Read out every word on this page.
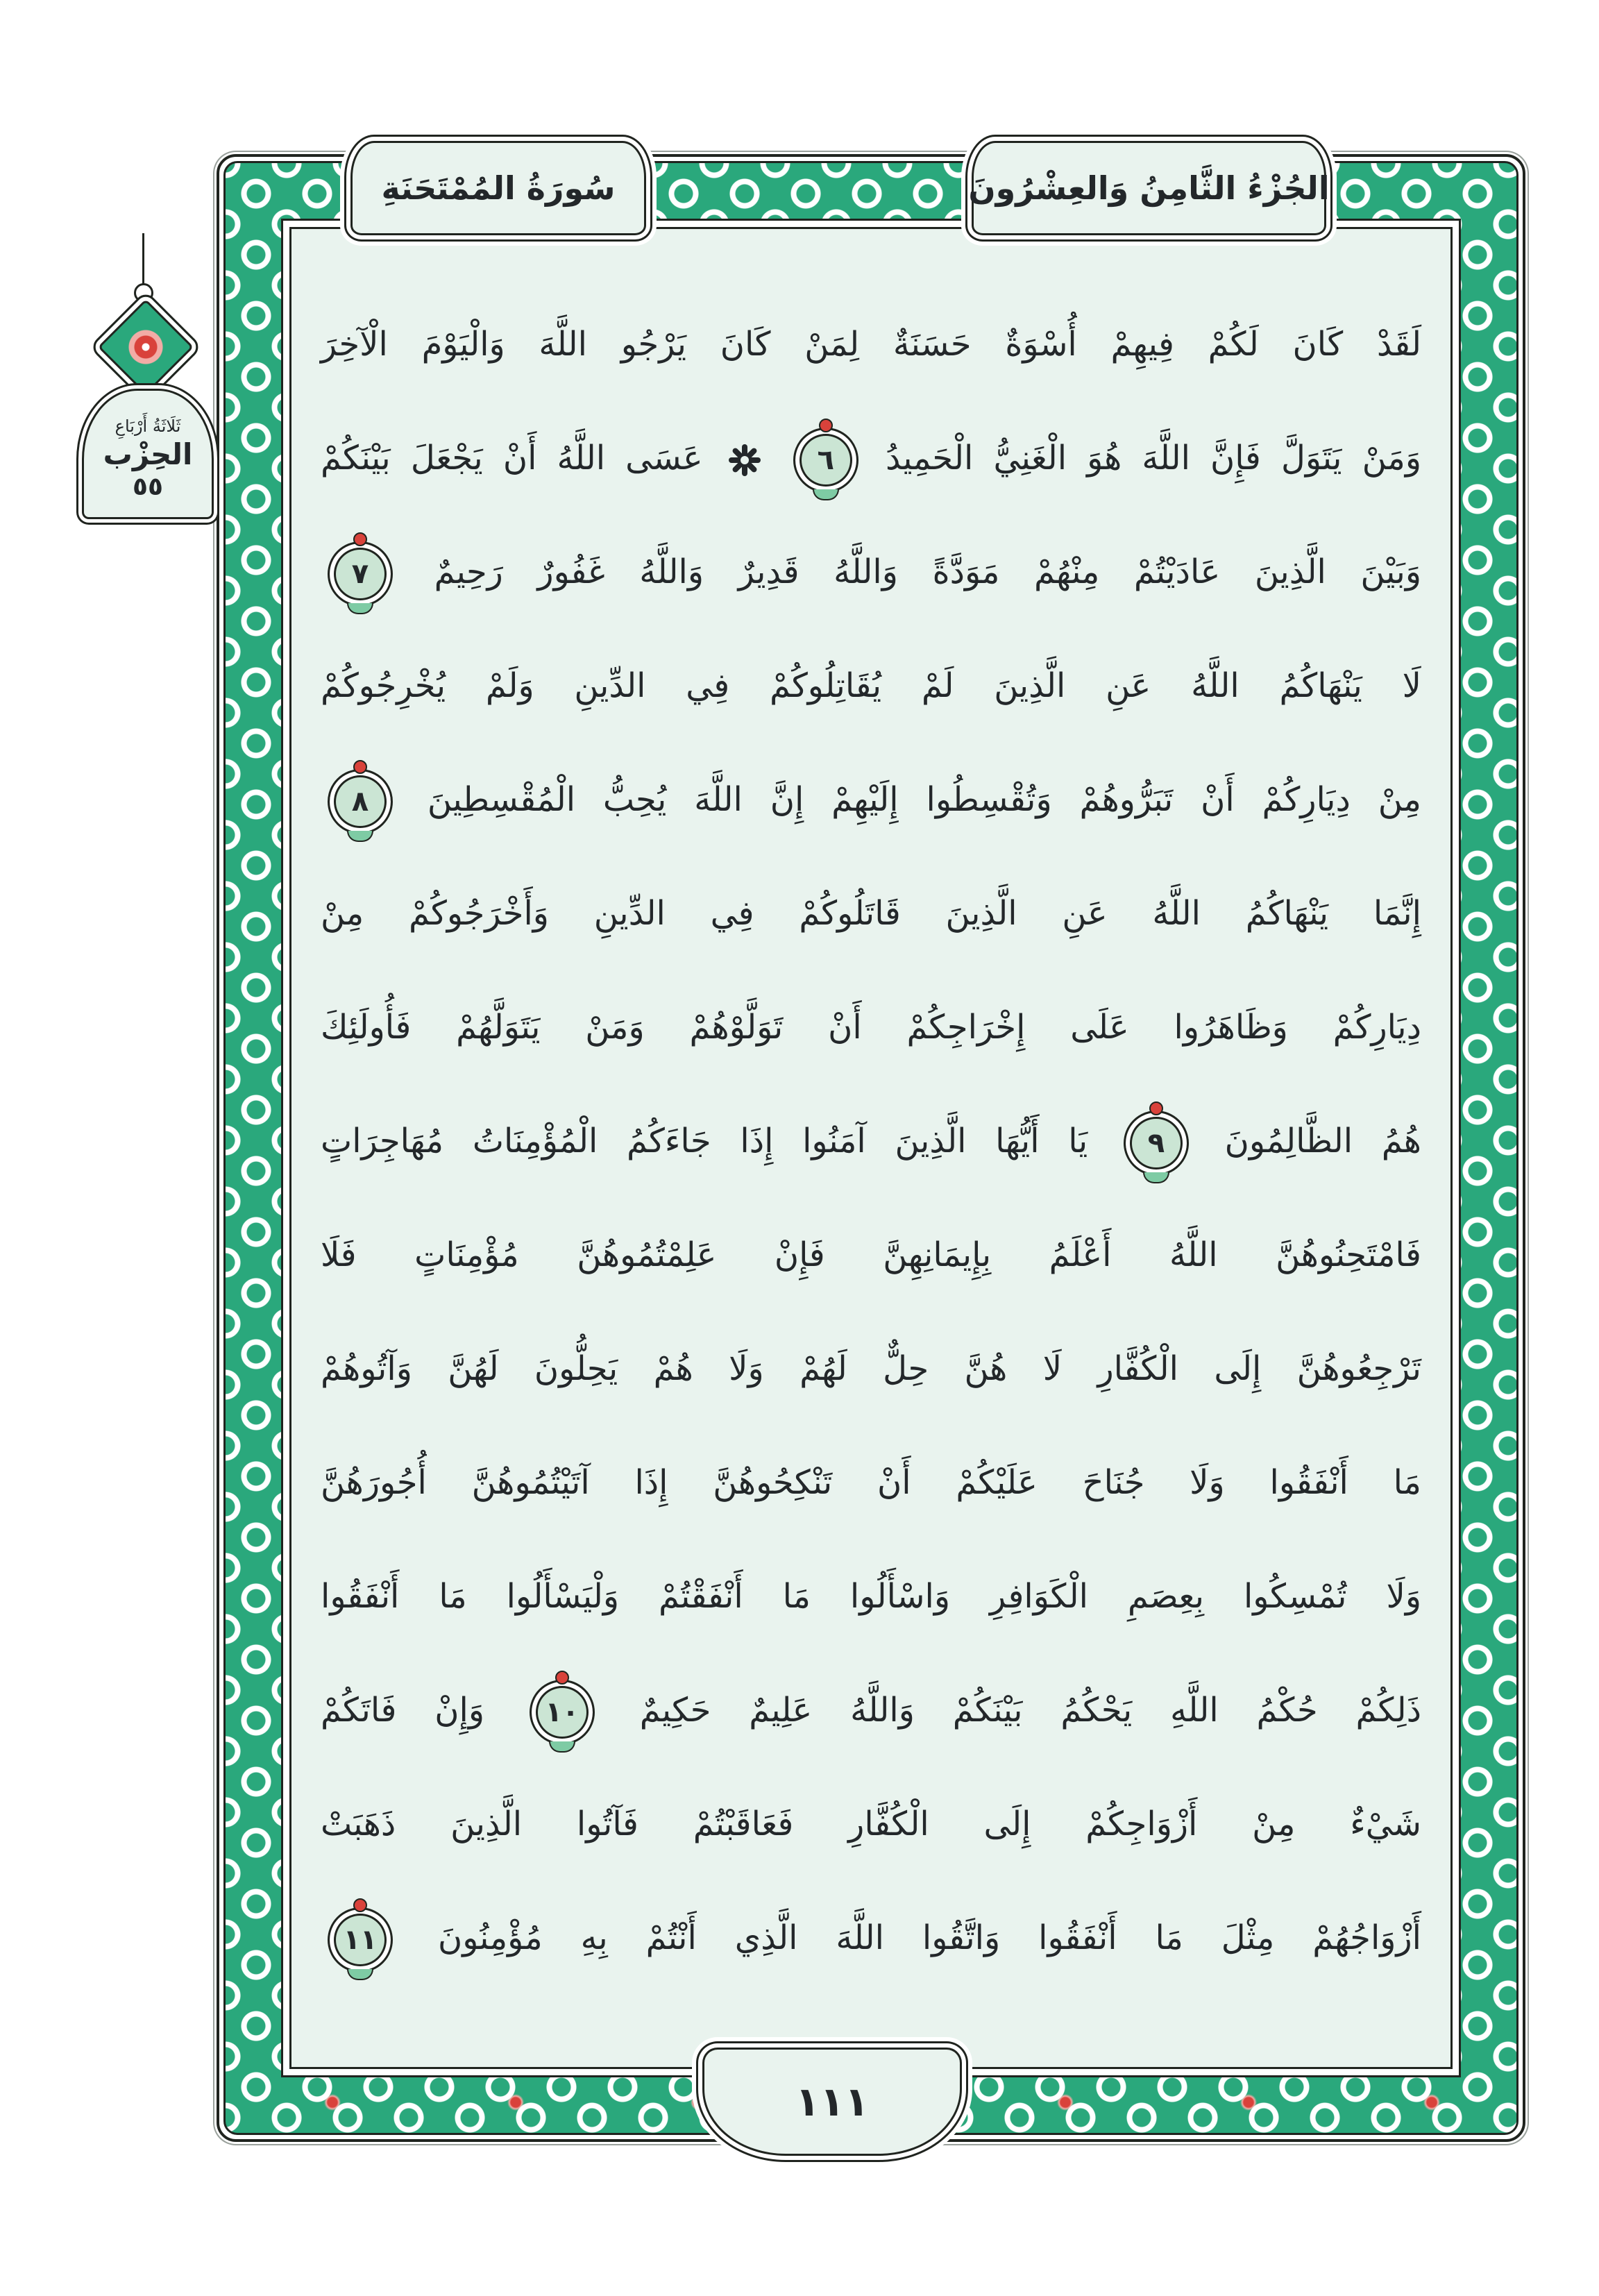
ثَلَاثَةُ أَرْبَاعِ
الحِزْب
٥٥
سُورَةُ المُمْتَحَنَةِ	الجُزْءُ الثَّامِنُ وَالعِشْرُونَ
لَقَدْ كَانَ لَكُمْ فِيهِمْ أُسْوَةٌ حَسَنَةٌ لِمَنْ كَانَ يَرْجُو اللَّهَ وَالْيَوْمَ الْآخِرَ
وَمَنْ يَتَوَلَّ فَإِنَّ اللَّهَ هُوَ الْغَنِيُّ الْحَمِيدُ
٦

عَسَى اللَّهُ أَنْ يَجْعَلَ بَيْنَكُمْ
وَبَيْنَ الَّذِينَ عَادَيْتُمْ مِنْهُمْ مَوَدَّةً وَاللَّهُ قَدِيرٌ وَاللَّهُ غَفُورٌ رَحِيمٌ
٧
لَا يَنْهَاكُمُ اللَّهُ عَنِ الَّذِينَ لَمْ يُقَاتِلُوكُمْ فِي الدِّينِ وَلَمْ يُخْرِجُوكُمْ
مِنْ دِيَارِكُمْ أَنْ تَبَرُّوهُمْ وَتُقْسِطُوا إِلَيْهِمْ إِنَّ اللَّهَ يُحِبُّ الْمُقْسِطِينَ
٨
إِنَّمَا يَنْهَاكُمُ اللَّهُ عَنِ الَّذِينَ قَاتَلُوكُمْ فِي الدِّينِ وَأَخْرَجُوكُمْ مِنْ
دِيَارِكُمْ وَظَاهَرُوا عَلَى إِخْرَاجِكُمْ أَنْ تَوَلَّوْهُمْ وَمَنْ يَتَوَلَّهُمْ فَأُولَئِكَ
هُمُ الظَّالِمُونَ
٩
يَا أَيُّهَا الَّذِينَ آمَنُوا إِذَا جَاءَكُمُ الْمُؤْمِنَاتُ مُهَاجِرَاتٍ
فَامْتَحِنُوهُنَّ اللَّهُ أَعْلَمُ بِإِيمَانِهِنَّ فَإِنْ عَلِمْتُمُوهُنَّ مُؤْمِنَاتٍ فَلَا
تَرْجِعُوهُنَّ إِلَى الْكُفَّارِ لَا هُنَّ حِلٌّ لَهُمْ وَلَا هُمْ يَحِلُّونَ لَهُنَّ وَآتُوهُمْ
مَا أَنْفَقُوا وَلَا جُنَاحَ عَلَيْكُمْ أَنْ تَنْكِحُوهُنَّ إِذَا آتَيْتُمُوهُنَّ أُجُورَهُنَّ
وَلَا تُمْسِكُوا بِعِصَمِ الْكَوَافِرِ وَاسْأَلُوا مَا أَنْفَقْتُمْ وَلْيَسْأَلُوا مَا أَنْفَقُوا
ذَلِكُمْ حُكْمُ اللَّهِ يَحْكُمُ بَيْنَكُمْ وَاللَّهُ عَلِيمٌ حَكِيمٌ
١٠
وَإِنْ فَاتَكُمْ
شَيْءٌ مِنْ أَزْوَاجِكُمْ إِلَى الْكُفَّارِ فَعَاقَبْتُمْ فَآتُوا الَّذِينَ ذَهَبَتْ
أَزْوَاجُهُمْ مِثْلَ مَا أَنْفَقُوا وَاتَّقُوا اللَّهَ الَّذِي أَنْتُمْ بِهِ مُؤْمِنُونَ
١١
١١١
